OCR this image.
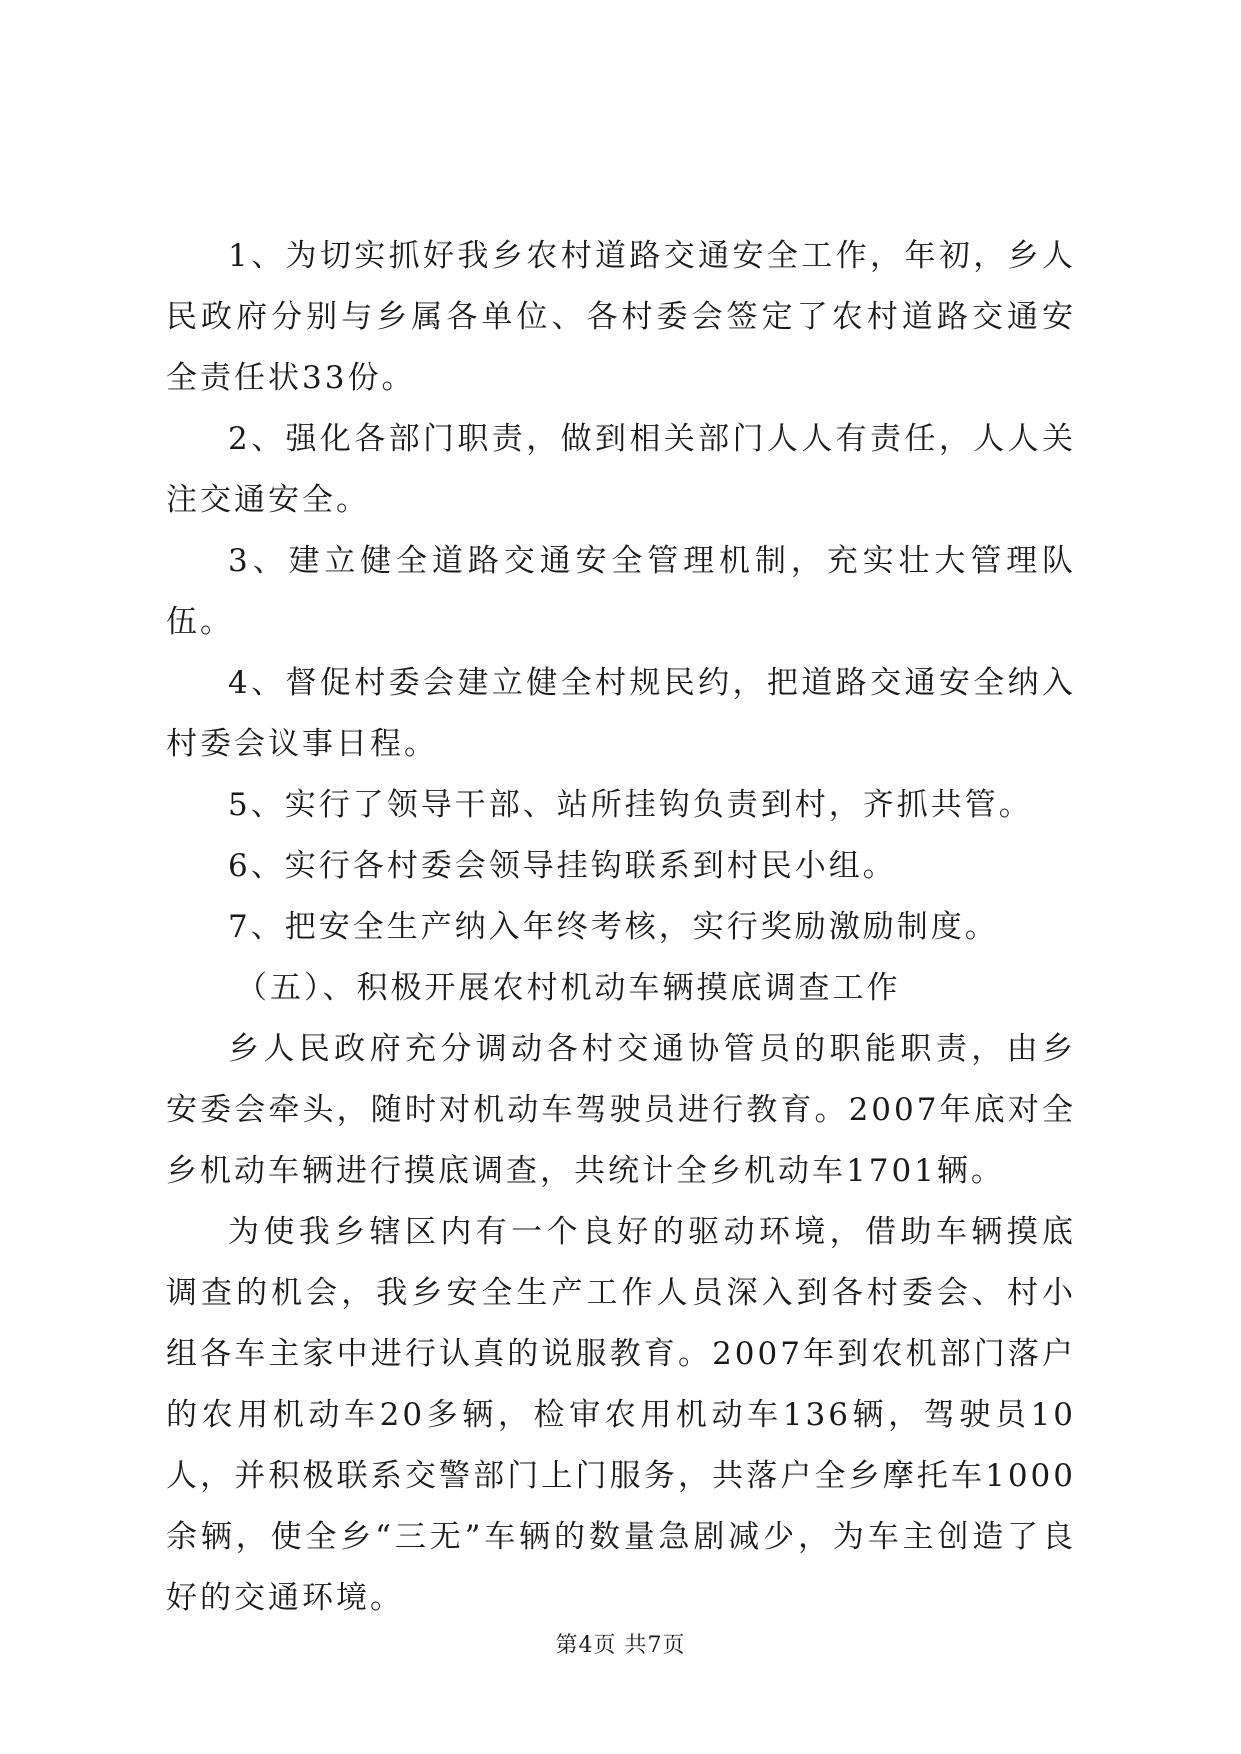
1、为切实抓好我乡农村道路交通安全工作，年初，乡人民政府分别与乡属各单位、各村委会签定了农村道路交通安全责任状33份。

2、强化各部门职责，做到相关部门人人有责任，人人关注交通安全。

3、建立健全道路交通安全管理机制，充实壮大管理队伍。

4、督促村委会建立健全村规民约，把道路交通安全纳入村委会议事日程。

5、实行了领导干部、站所挂钩负责到村，齐抓共管。

6、实行各村委会领导挂钩联系到村民小组。

7、把安全生产纳入年终考核，实行奖励激励制度。

（五）、积极开展农村机动车辆摸底调查工作

乡人民政府充分调动各村交通协管员的职能职责，由乡安委会牵头，随时对机动车驾驶员进行教育。2007年底对全乡机动车辆进行摸底调查，共统计全乡机动车1701辆。

为使我乡辖区内有一个良好的驱动环境，借助车辆摸底调查的机会，我乡安全生产工作人员深入到各村委会、村小组各车主家中进行认真的说服教育。2007年到农机部门落户的农用机动车20多辆，检审农用机动车136辆，驾驶员10人，并积极联系交警部门上门服务，共落户全乡摩托车1000余辆，使全乡“三无”车辆的数量急剧减少，为车主创造了良好的交通环境。

第4页 共7页
